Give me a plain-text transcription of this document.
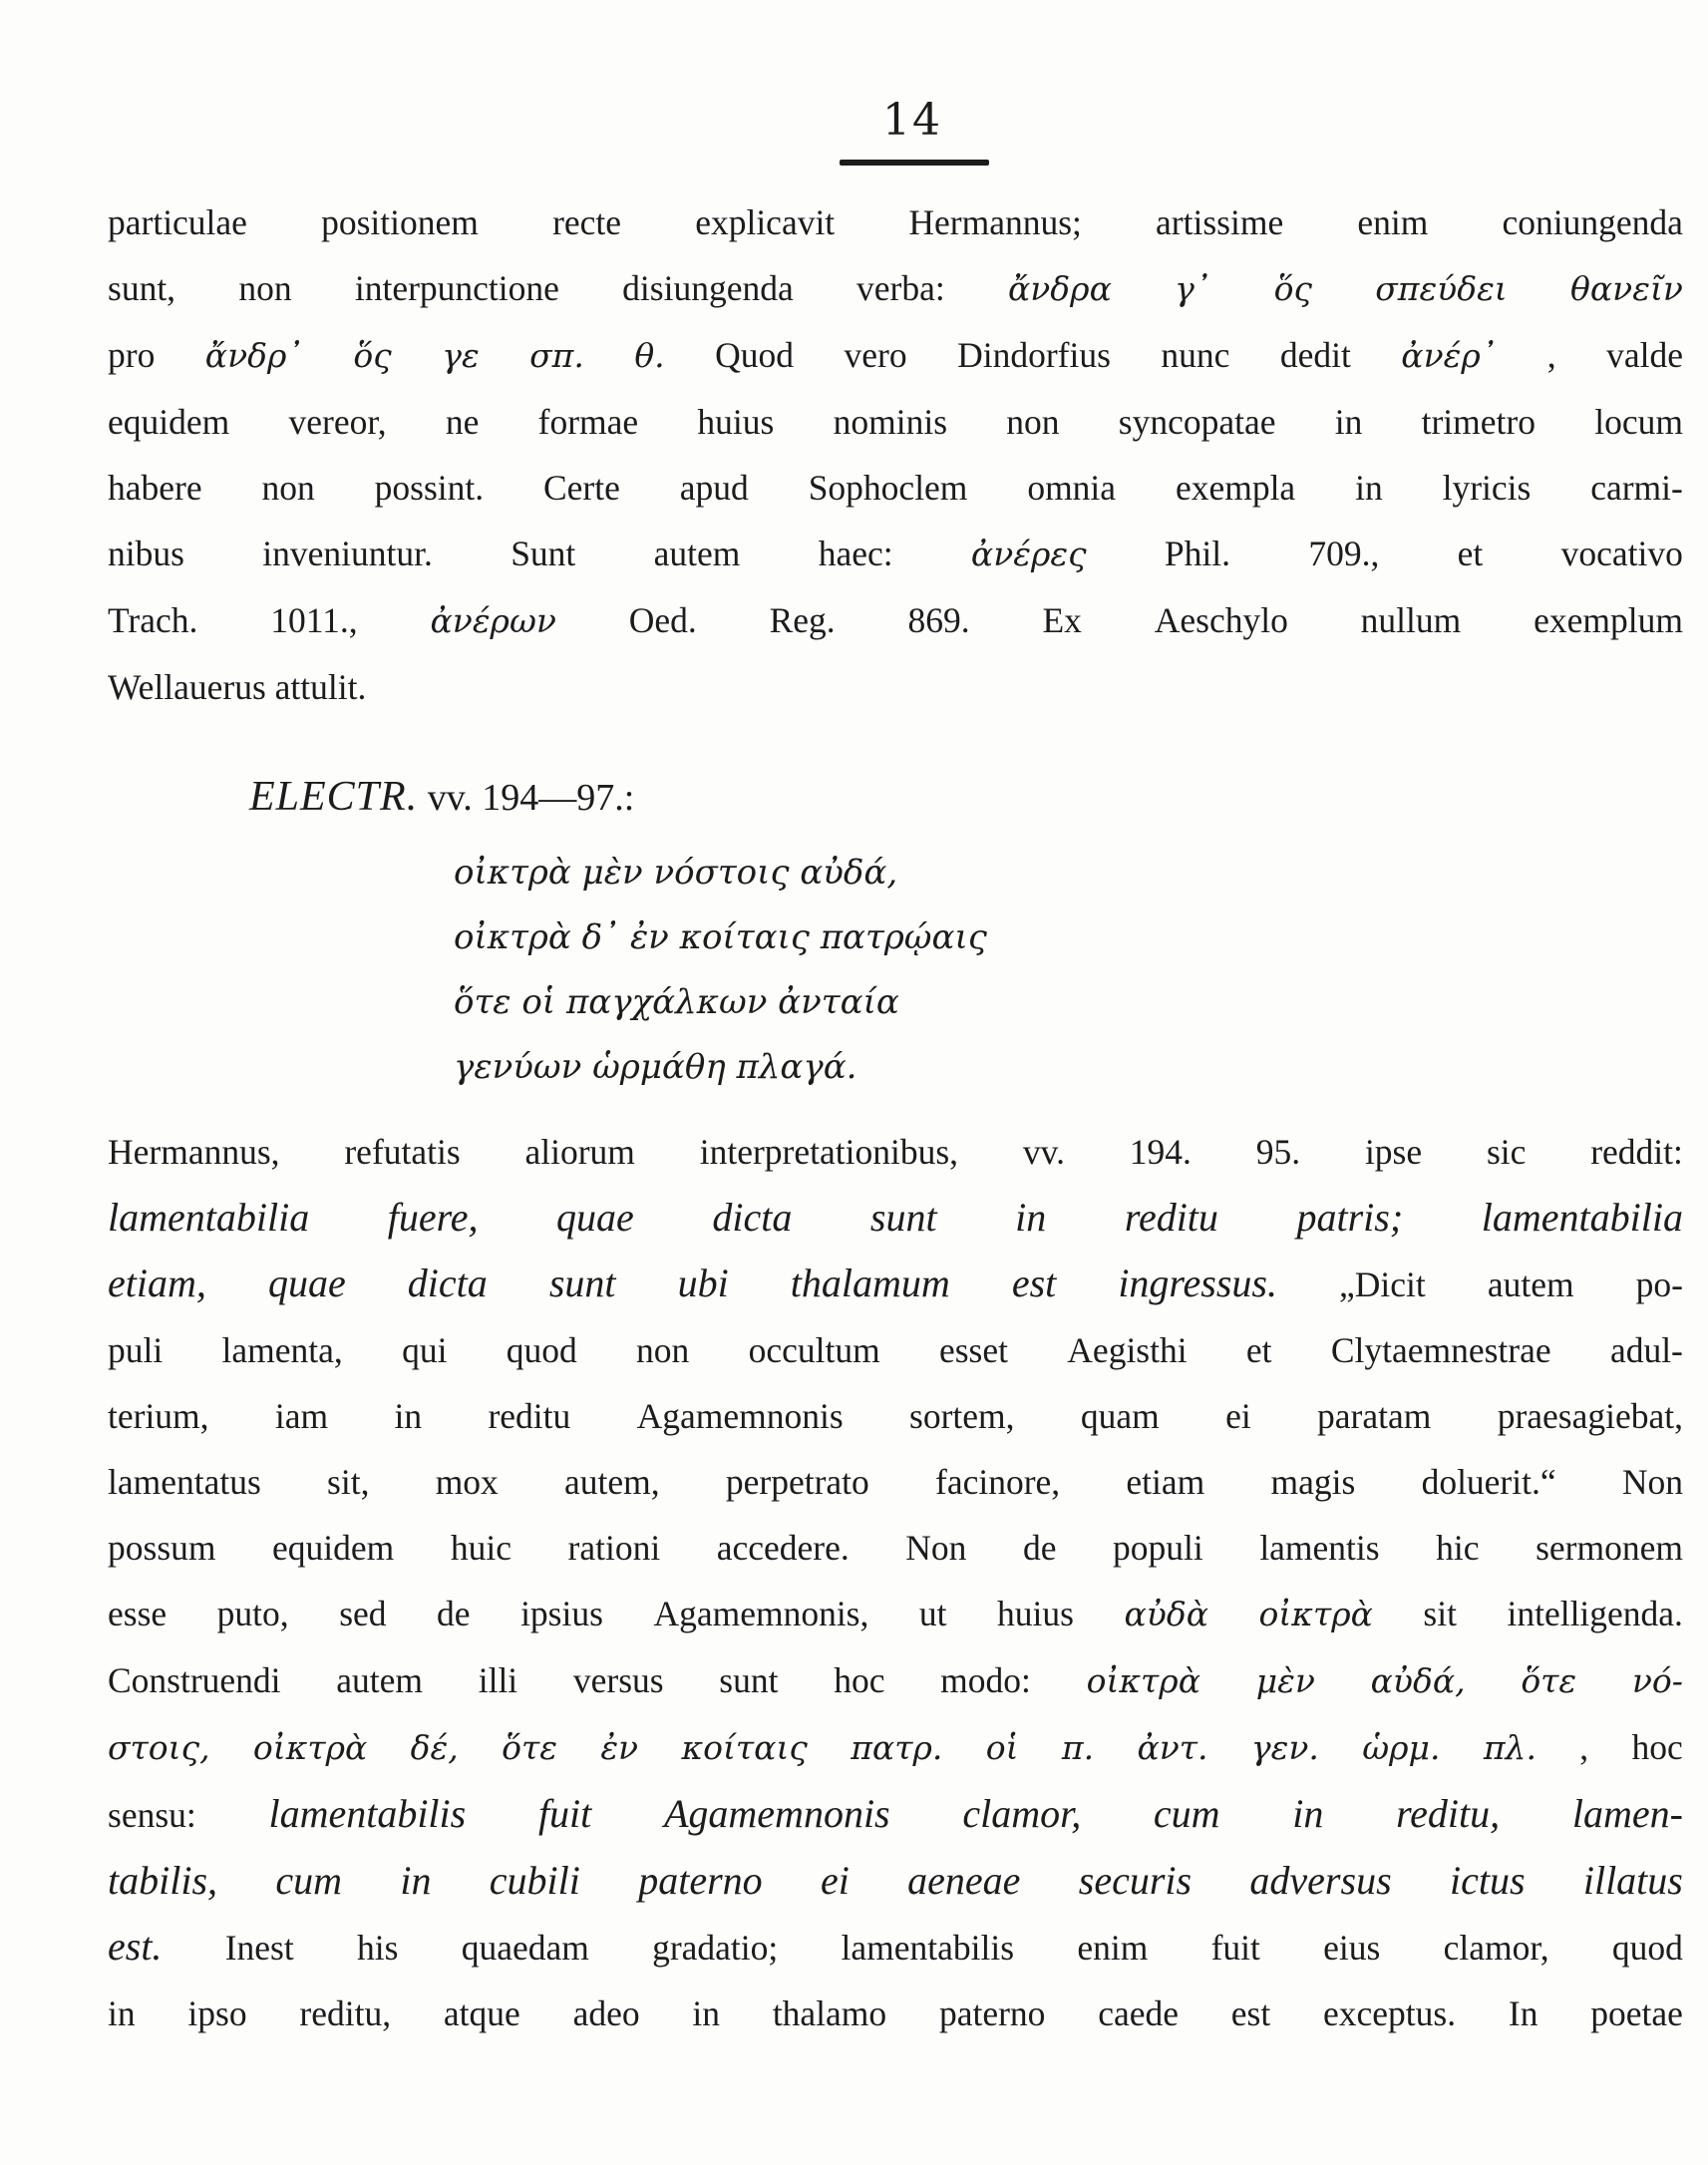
14
particulae positionem recte explicavit Hermannus; artissime enim coniungenda
sunt, non interpunctione disiungenda verba: ἄνδρα γ᾽ ὅς σπεύδει θανεῖν
pro ἄνδρ᾽ ὅς γε σπ. θ. Quod vero Dindorfius nunc dedit ἀνέρ᾽ , valde
equidem vereor, ne formae huius nominis non syncopatae in trimetro locum
habere non possint. Certe apud Sophoclem omnia exempla in lyricis carmi-
nibus inveniuntur. Sunt autem haec: ἀνέρες Phil. 709., et vocativo
Trach. 1011., ἀνέρων Oed. Reg. 869. Ex Aeschylo nullum exemplum
Wellauerus attulit.
ELECTR. vv. 194—97.:
οἰκτρὰ μὲν νόστοις αὐδά,
οἰκτρὰ δ᾽ ἐν κοίταις πατρῴαις
ὅτε οἱ παγχάλκων ἀνταία
γενύων ὡρμάθη πλαγά.
Hermannus, refutatis aliorum interpretationibus, vv. 194. 95. ipse sic reddit:
lamentabilia fuere, quae dicta sunt in reditu patris; lamentabilia
etiam, quae dicta sunt ubi thalamum est ingressus. „Dicit autem po-
puli lamenta, qui quod non occultum esset Aegisthi et Clytaemnestrae adul-
terium, iam in reditu Agamemnonis sortem, quam ei paratam praesagiebat,
lamentatus sit, mox autem, perpetrato facinore, etiam magis doluerit.“ Non
possum equidem huic rationi accedere. Non de populi lamentis hic sermonem
esse puto, sed de ipsius Agamemnonis, ut huius αὐδὰ οἰκτρὰ sit intelligenda.
Construendi autem illi versus sunt hoc modo: οἰκτρὰ μὲν αὐδά, ὅτε νό-
στοις, οἰκτρὰ δέ, ὅτε ἐν κοίταις πατρ. οἱ π. ἀντ. γεν. ὡρμ. πλ. , hoc
sensu: lamentabilis fuit Agamemnonis clamor, cum in reditu, lamen-
tabilis, cum in cubili paterno ei aeneae securis adversus ictus illatus
est. Inest his quaedam gradatio; lamentabilis enim fuit eius clamor, quod
in ipso reditu, atque adeo in thalamo paterno caede est exceptus. In poetae
